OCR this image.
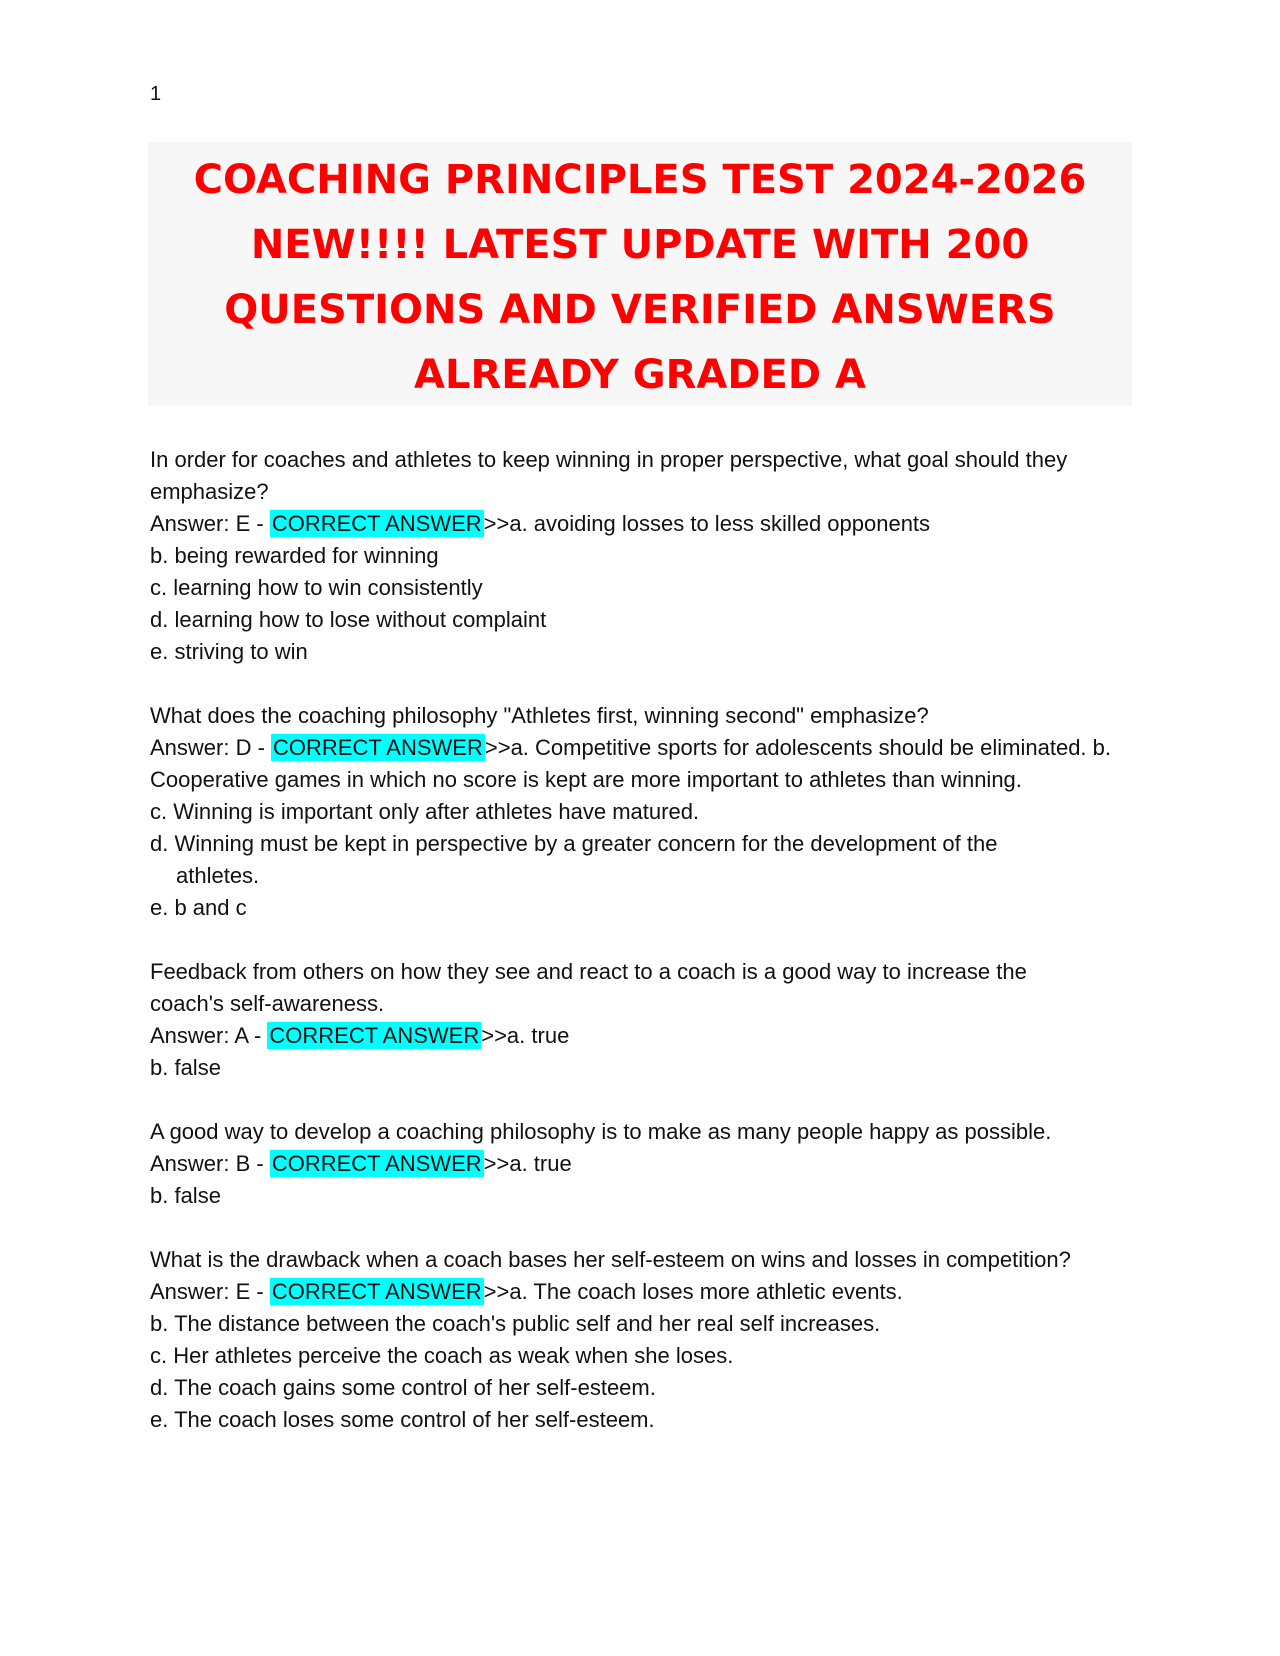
1
COACHING PRINCIPLES TEST 2024-2026
NEW!!!! LATEST UPDATE WITH 200
QUESTIONS AND VERIFIED ANSWERS
ALREADY GRADED A
In order for coaches and athletes to keep winning in proper perspective, what goal should they
emphasize?
Answer: E - CORRECT ANSWER>>a. avoiding losses to less skilled opponents
b. being rewarded for winning
c. learning how to win consistently
d. learning how to lose without complaint
e. striving to win
What does the coaching philosophy "Athletes first, winning second" emphasize?
Answer: D - CORRECT ANSWER>>a. Competitive sports for adolescents should be eliminated. b.
Cooperative games in which no score is kept are more important to athletes than winning.
c. Winning is important only after athletes have matured.
d. Winning must be kept in perspective by a greater concern for the development of the
athletes.
e. b and c
Feedback from others on how they see and react to a coach is a good way to increase the
coach's self-awareness.
Answer: A - CORRECT ANSWER>>a. true
b. false
A good way to develop a coaching philosophy is to make as many people happy as possible.
Answer: B - CORRECT ANSWER>>a. true
b. false
What is the drawback when a coach bases her self-esteem on wins and losses in competition?
Answer: E - CORRECT ANSWER>>a. The coach loses more athletic events.
b. The distance between the coach's public self and her real self increases.
c. Her athletes perceive the coach as weak when she loses.
d. The coach gains some control of her self-esteem.
e. The coach loses some control of her self-esteem.
